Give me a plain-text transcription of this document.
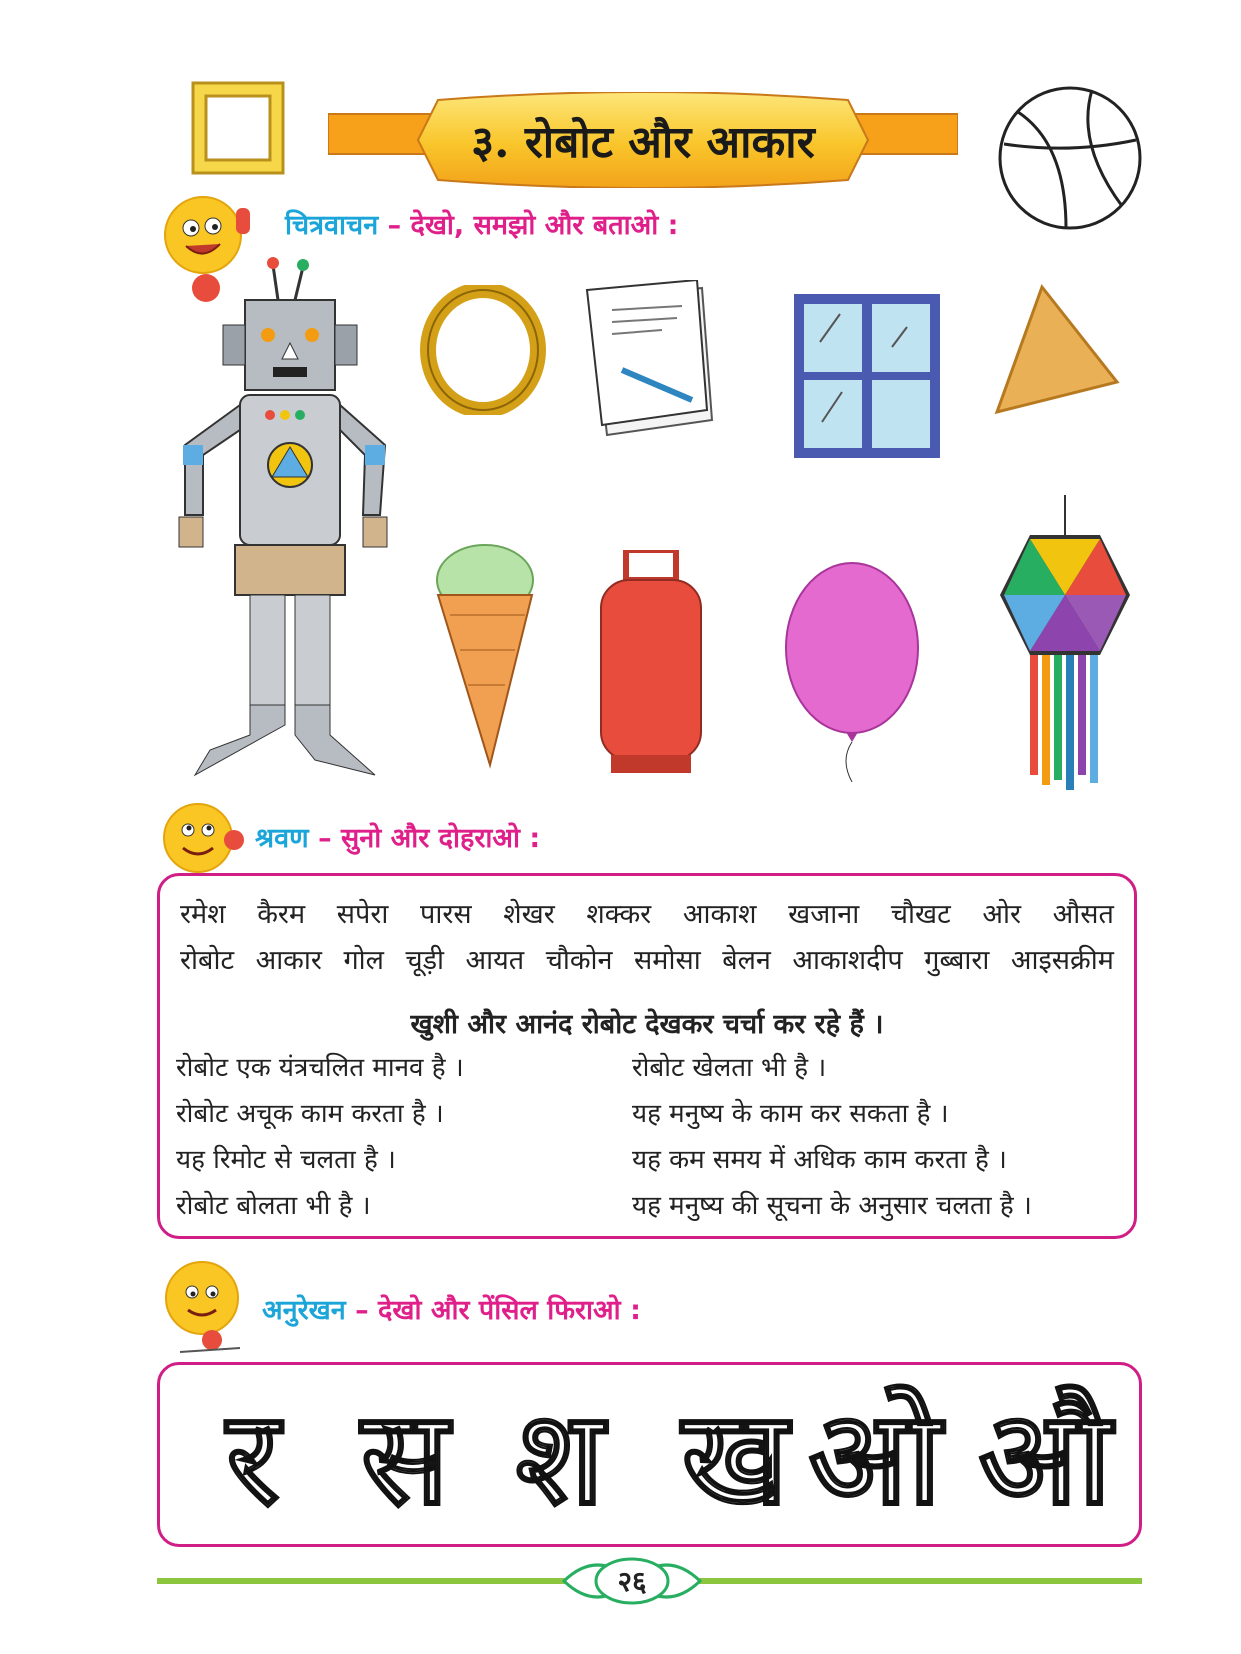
३. रोबोट और आकार
चित्रवाचन – देखो, समझो और बताओ :
श्रवण – सुनो और दोहराओ :
रमेश कैरम सपेरा पारस शेखर शक्कर आकाश खजाना चौखट ओर औसत
रोबोट आकार गोल चूड़ी आयत चौकोन समोसा बेलन आकाशदीप गुब्बारा आइसक्रीम
खुशी और आनंद रोबोट देखकर चर्चा कर रहे हैं ।
रोबोट एक यंत्रचलित मानव है ।
रोबोट अचूक काम करता है ।
यह रिमोट से चलता है ।
रोबोट बोलता भी है ।
रोबोट खेलता भी है ।
यह मनुष्य के काम कर सकता है ।
यह कम समय में अधिक काम करता है ।
यह मनुष्य की सूचना के अनुसार चलता है ।
अनुरेखन – देखो और पेंसिल फिराओ :
र स श ख ओ औ
२६
